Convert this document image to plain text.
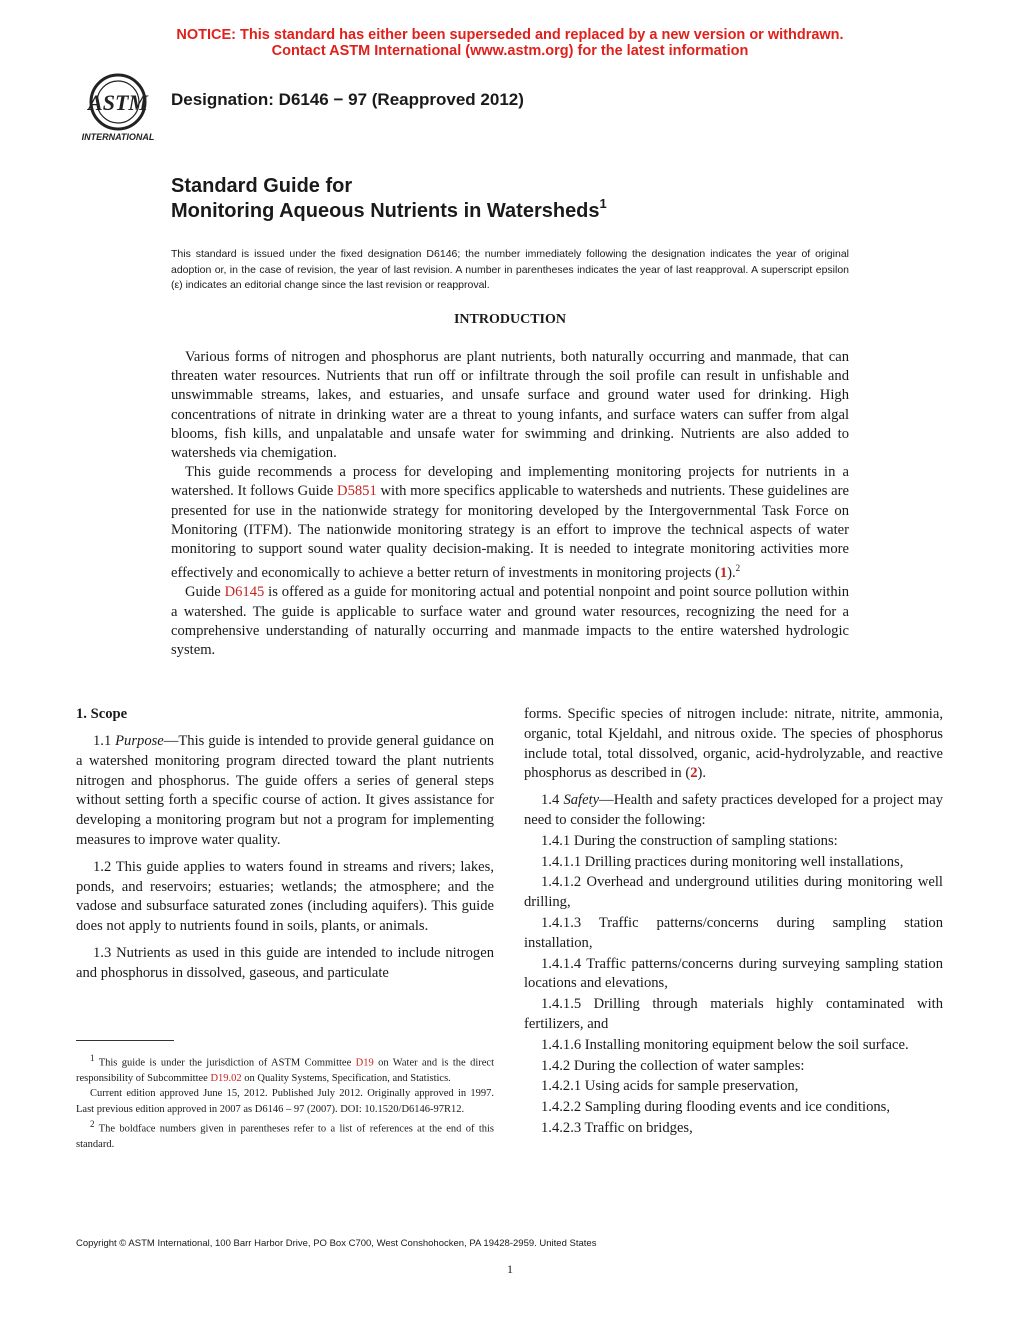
NOTICE: This standard has either been superseded and replaced by a new version or withdrawn.
Contact ASTM International (www.astm.org) for the latest information
ASTM
INTERNATIONAL
Designation: D6146 − 97 (Reapproved 2012)
Standard Guide for
Monitoring Aqueous Nutrients in Watersheds$^1$
This standard is issued under the fixed designation D6146; the number immediately following the designation indicates the year of original adoption or, in the case of revision, the year of last revision. A number in parentheses indicates the year of last reapproval. A superscript epsilon (ε) indicates an editorial change since the last revision or reapproval.
INTRODUCTION

Various forms of nitrogen and phosphorus are plant nutrients, both naturally occurring and manmade, that can threaten water resources. Nutrients that run off or infiltrate through the soil profile can result in unfishable and unswimmable streams, lakes, and estuaries, and unsafe surface and ground water used for drinking. High concentrations of nitrate in drinking water are a threat to young infants, and surface waters can suffer from algal blooms, fish kills, and unpalatable and unsafe water for swimming and drinking. Nutrients are also added to watersheds via chemigation.

This guide recommends a process for developing and implementing monitoring projects for nutrients in a watershed. It follows Guide D5851 with more specifics applicable to watersheds and nutrients. These guidelines are presented for use in the nationwide strategy for monitoring developed by the Intergovernmental Task Force on Monitoring (ITFM). The nationwide monitoring strategy is an effort to improve the technical aspects of water monitoring to support sound water quality decision-making. It is needed to integrate monitoring activities more effectively and economically to achieve a better return of investments in monitoring projects (1).$^2$

Guide D6145 is offered as a guide for monitoring actual and potential nonpoint and point source pollution within a watershed. The guide is applicable to surface water and ground water resources, recognizing the need for a comprehensive understanding of naturally occurring and manmade impacts to the entire watershed hydrologic system.

1. Scope

1.1 Purpose—This guide is intended to provide general guidance on a watershed monitoring program directed toward the plant nutrients nitrogen and phosphorus. The guide offers a series of general steps without setting forth a specific course of action. It gives assistance for developing a monitoring program but not a program for implementing measures to improve water quality.

1.2 This guide applies to waters found in streams and rivers; lakes, ponds, and reservoirs; estuaries; wetlands; the atmosphere; and the vadose and subsurface saturated zones (including aquifers). This guide does not apply to nutrients found in soils, plants, or animals.

1.3 Nutrients as used in this guide are intended to include nitrogen and phosphorus in dissolved, gaseous, and particulate

$^1$ This guide is under the jurisdiction of ASTM Committee D19 on Water and is the direct responsibility of Subcommittee D19.02 on Quality Systems, Specification, and Statistics.

Current edition approved June 15, 2012. Published July 2012. Originally approved in 1997. Last previous edition approved in 2007 as D6146 – 97 (2007). DOI: 10.1520/D6146-97R12.

$^2$ The boldface numbers given in parentheses refer to a list of references at the end of this standard.

forms. Specific species of nitrogen include: nitrate, nitrite, ammonia, organic, total Kjeldahl, and nitrous oxide. The species of phosphorus include total, total dissolved, organic, acid-hydrolyzable, and reactive phosphorus as described in (2).

1.4 Safety—Health and safety practices developed for a project may need to consider the following:

1.4.1 During the construction of sampling stations:

1.4.1.1 Drilling practices during monitoring well installations,

1.4.1.2 Overhead and underground utilities during monitoring well drilling,

1.4.1.3 Traffic patterns/concerns during sampling station installation,

1.4.1.4 Traffic patterns/concerns during surveying sampling station locations and elevations,

1.4.1.5 Drilling through materials highly contaminated with fertilizers, and

1.4.1.6 Installing monitoring equipment below the soil surface.

1.4.2 During the collection of water samples:

1.4.2.1 Using acids for sample preservation,

1.4.2.2 Sampling during flooding events and ice conditions,

1.4.2.3 Traffic on bridges,

Copyright © ASTM International, 100 Barr Harbor Drive, PO Box C700, West Conshohocken, PA 19428-2959. United States
1
